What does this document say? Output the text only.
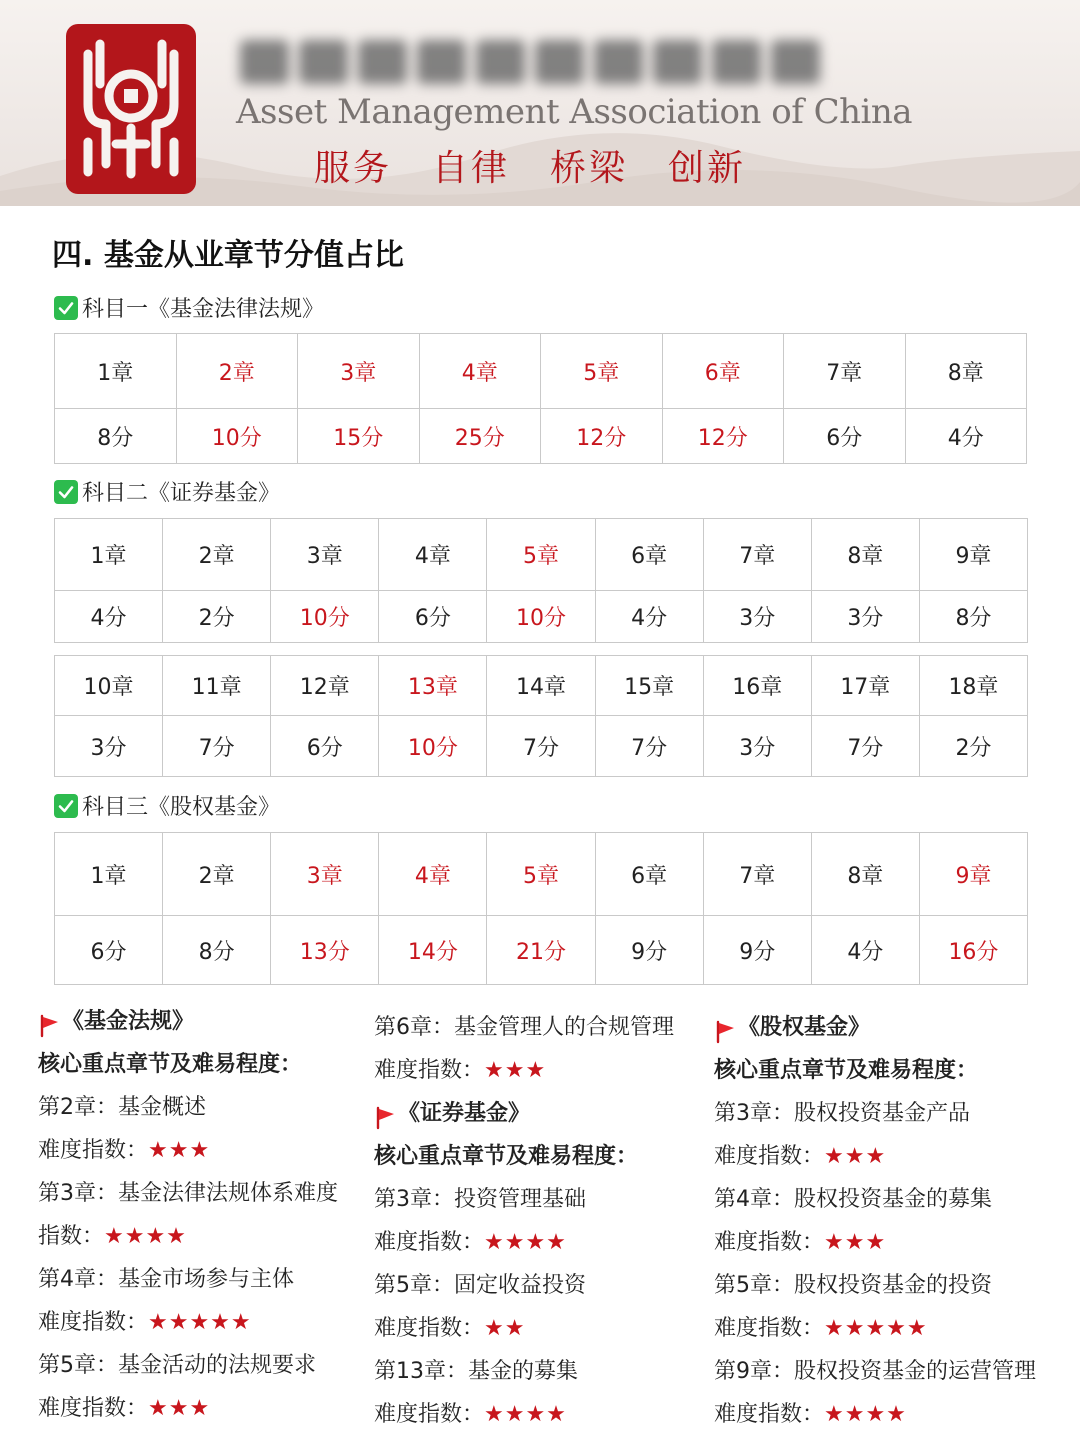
Asset Management Association of China
服务 自律 桥梁 创新
四. 基金从业章节分值占比
科目一《基金法律法规》
1章	2章	3章	4章	5章	6章	7章	8章
8分	10分	15分	25分	12分	12分	6分	4分
科目二《证券基金》
1章	2章	3章	4章	5章	6章	7章	8章	9章
4分	2分	10分	6分	10分	4分	3分	3分	8分
10章	11章	12章	13章	14章	15章	16章	17章	18章
3分	7分	6分	10分	7分	7分	3分	7分	2分
科目三《股权基金》
1章	2章	3章	4章	5章	6章	7章	8章	9章
6分	8分	13分	14分	21分	9分	9分	4分	16分
《基金法规》
核心重点章节及难易程度：
第2章：基金概述
难度指数：★★★
第3章：基金法律法规体系难度
指数：★★★★
第4章：基金市场参与主体
难度指数：★★★★★
第5章：基金活动的法规要求
难度指数：★★★
第6章：基金管理人的合规管理
难度指数：★★★
《证券基金》
核心重点章节及难易程度：
第3章：投资管理基础
难度指数：★★★★
第5章：固定收益投资
难度指数：★★
第13章：基金的募集
难度指数：★★★★
《股权基金》
核心重点章节及难易程度：
第3章：股权投资基金产品
难度指数：★★★
第4章：股权投资基金的募集
难度指数：★★★
第5章：股权投资基金的投资
难度指数：★★★★★
第9章：股权投资基金的运营管理
难度指数：★★★★
